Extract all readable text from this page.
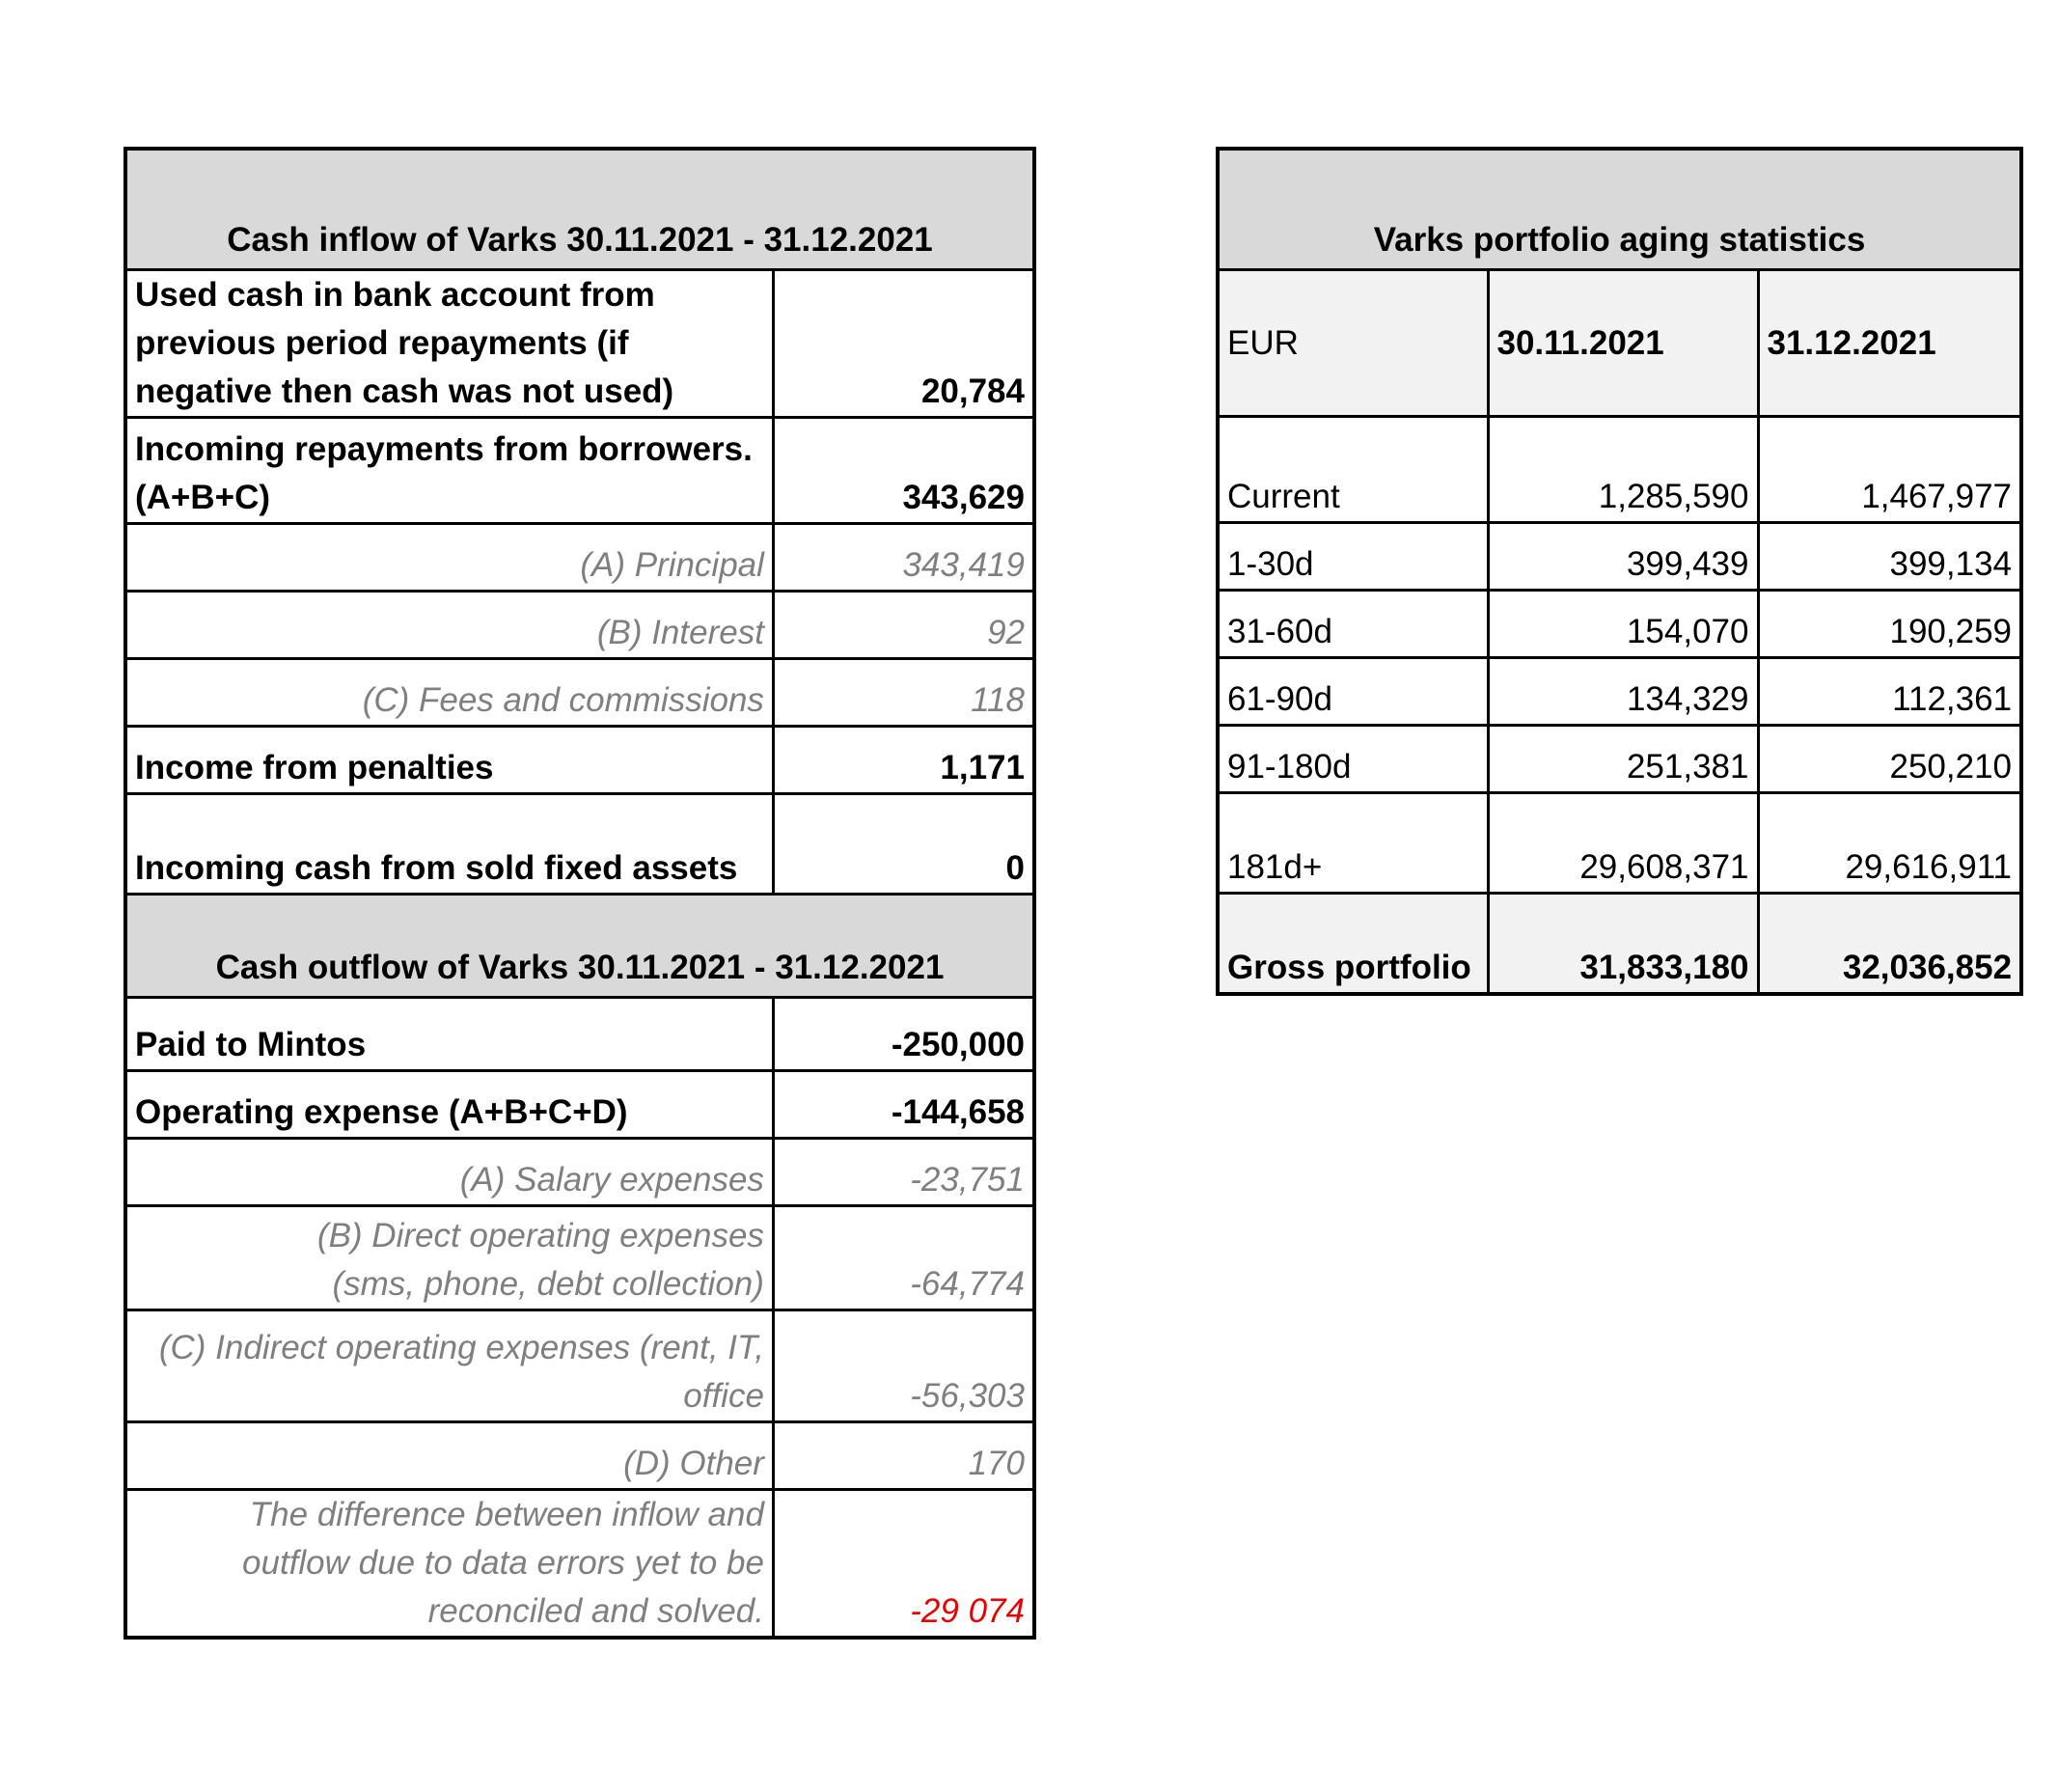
Cash inflow of Varks 30.11.2021 - 31.12.2021	
Used cash in bank account from previous period repayments (if negative then cash was not used)	20,784
Incoming repayments from borrowers. (A+B+C)	343,629
(A) Principal	343,419
(B) Interest	92
(C) Fees and commissions	118
Income from penalties	1,171
Incoming cash from sold fixed assets	0
Cash outflow of Varks 30.11.2021 - 31.12.2021	
Paid to Mintos	-250,000
Operating expense (A+B+C+D)	-144,658
(A) Salary expenses	-23,751
(B) Direct operating expenses (sms, phone, debt collection)	-64,774
(C) Indirect operating expenses (rent, IT, office	-56,303
(D) Other	170
The difference between inflow and outflow due to data errors yet to be reconciled and solved.	-29 074
Varks portfolio aging statistics		
EUR	30.11.2021	31.12.2021
Current	1,285,590	1,467,977
1-30d	399,439	399,134
31-60d	154,070	190,259
61-90d	134,329	112,361
91-180d	251,381	250,210
181d+	29,608,371	29,616,911
Gross portfolio	31,833,180	32,036,852
